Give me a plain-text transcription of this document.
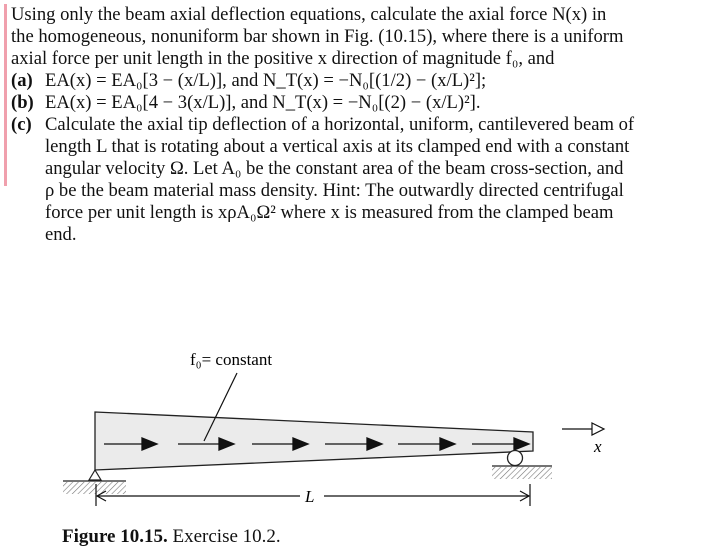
Using only the beam axial deflection equations, calculate the axial force N(x) in
the homogeneous, nonuniform bar shown in Fig. (10.15), where there is a uniform
axial force per unit length in the positive x direction of magnitude f₀, and
(a) EA(x) = EA₀[3 − (x/L)], and N_T(x) = −N₀[(1/2) − (x/L)²];
(b) EA(x) = EA₀[4 − 3(x/L)], and N_T(x) = −N₀[(2) − (x/L)²].
(c) Calculate the axial tip deflection of a horizontal, uniform, cantilevered beam of
length L that is rotating about a vertical axis at its clamped end with a constant
angular velocity Ω. Let A₀ be the constant area of the beam cross-section, and
ρ be the beam material mass density. Hint: The outwardly directed centrifugal
force per unit length is xρA₀Ω² where x is measured from the clamped beam
end.
f₀= constant
x
L
Figure 10.15. Exercise 10.2.
